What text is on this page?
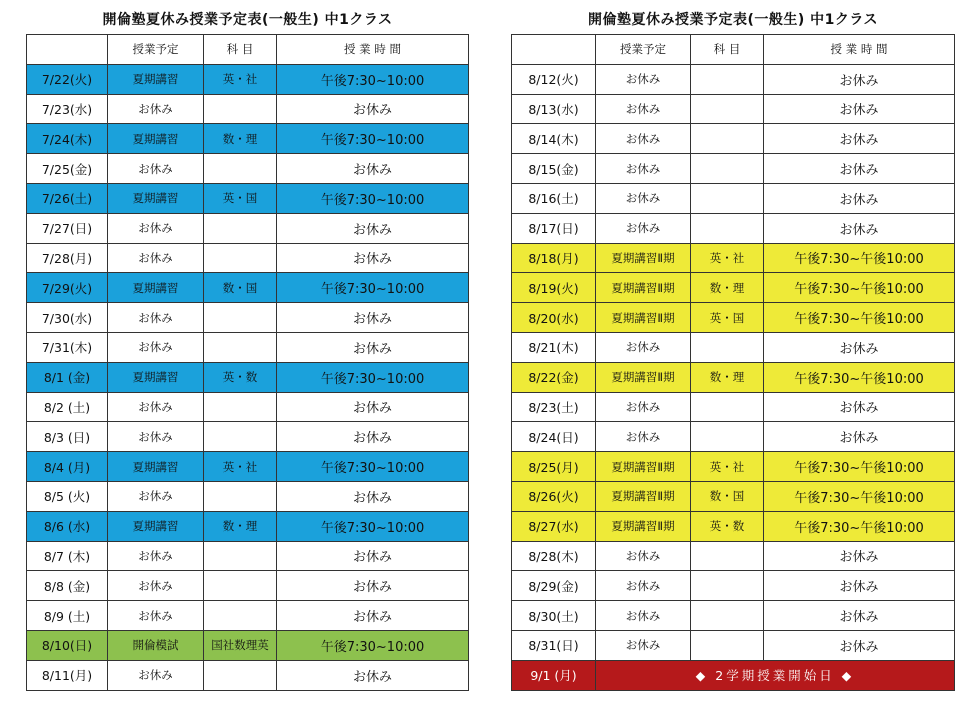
開倫塾夏休み授業予定表(一般生) 中1クラス
	授業予定	科 目	授 業 時 間
7/22(火)	夏期講習	英・社	午後7:30~10:00
7/23(水)	お休み		お休み
7/24(木)	夏期講習	数・理	午後7:30~10:00
7/25(金)	お休み		お休み
7/26(土)	夏期講習	英・国	午後7:30~10:00
7/27(日)	お休み		お休み
7/28(月)	お休み		お休み
7/29(火)	夏期講習	数・国	午後7:30~10:00
7/30(水)	お休み		お休み
7/31(木)	お休み		お休み
8/1 (金)	夏期講習	英・数	午後7:30~10:00
8/2 (土)	お休み		お休み
8/3 (日)	お休み		お休み
8/4 (月)	夏期講習	英・社	午後7:30~10:00
8/5 (火)	お休み		お休み
8/6 (水)	夏期講習	数・理	午後7:30~10:00
8/7 (木)	お休み		お休み
8/8 (金)	お休み		お休み
8/9 (土)	お休み		お休み
8/10(日)	開倫模試	国社数理英	午後7:30~10:00
8/11(月)	お休み		お休み
開倫塾夏休み授業予定表(一般生) 中1クラス
	授業予定	科 目	授 業 時 間
8/12(火)	お休み		お休み
8/13(水)	お休み		お休み
8/14(木)	お休み		お休み
8/15(金)	お休み		お休み
8/16(土)	お休み		お休み
8/17(日)	お休み		お休み
8/18(月)	夏期講習Ⅱ期	英・社	午後7:30~午後10:00
8/19(火)	夏期講習Ⅱ期	数・理	午後7:30~午後10:00
8/20(水)	夏期講習Ⅱ期	英・国	午後7:30~午後10:00
8/21(木)	お休み		お休み
8/22(金)	夏期講習Ⅱ期	数・理	午後7:30~午後10:00
8/23(土)	お休み		お休み
8/24(日)	お休み		お休み
8/25(月)	夏期講習Ⅱ期	英・社	午後7:30~午後10:00
8/26(火)	夏期講習Ⅱ期	数・国	午後7:30~午後10:00
8/27(水)	夏期講習Ⅱ期	英・数	午後7:30~午後10:00
8/28(木)	お休み		お休み
8/29(金)	お休み		お休み
8/30(土)	お休み		お休み
8/31(日)	お休み		お休み
9/1 (月)	◆ 2学期授業開始日 ◆		
